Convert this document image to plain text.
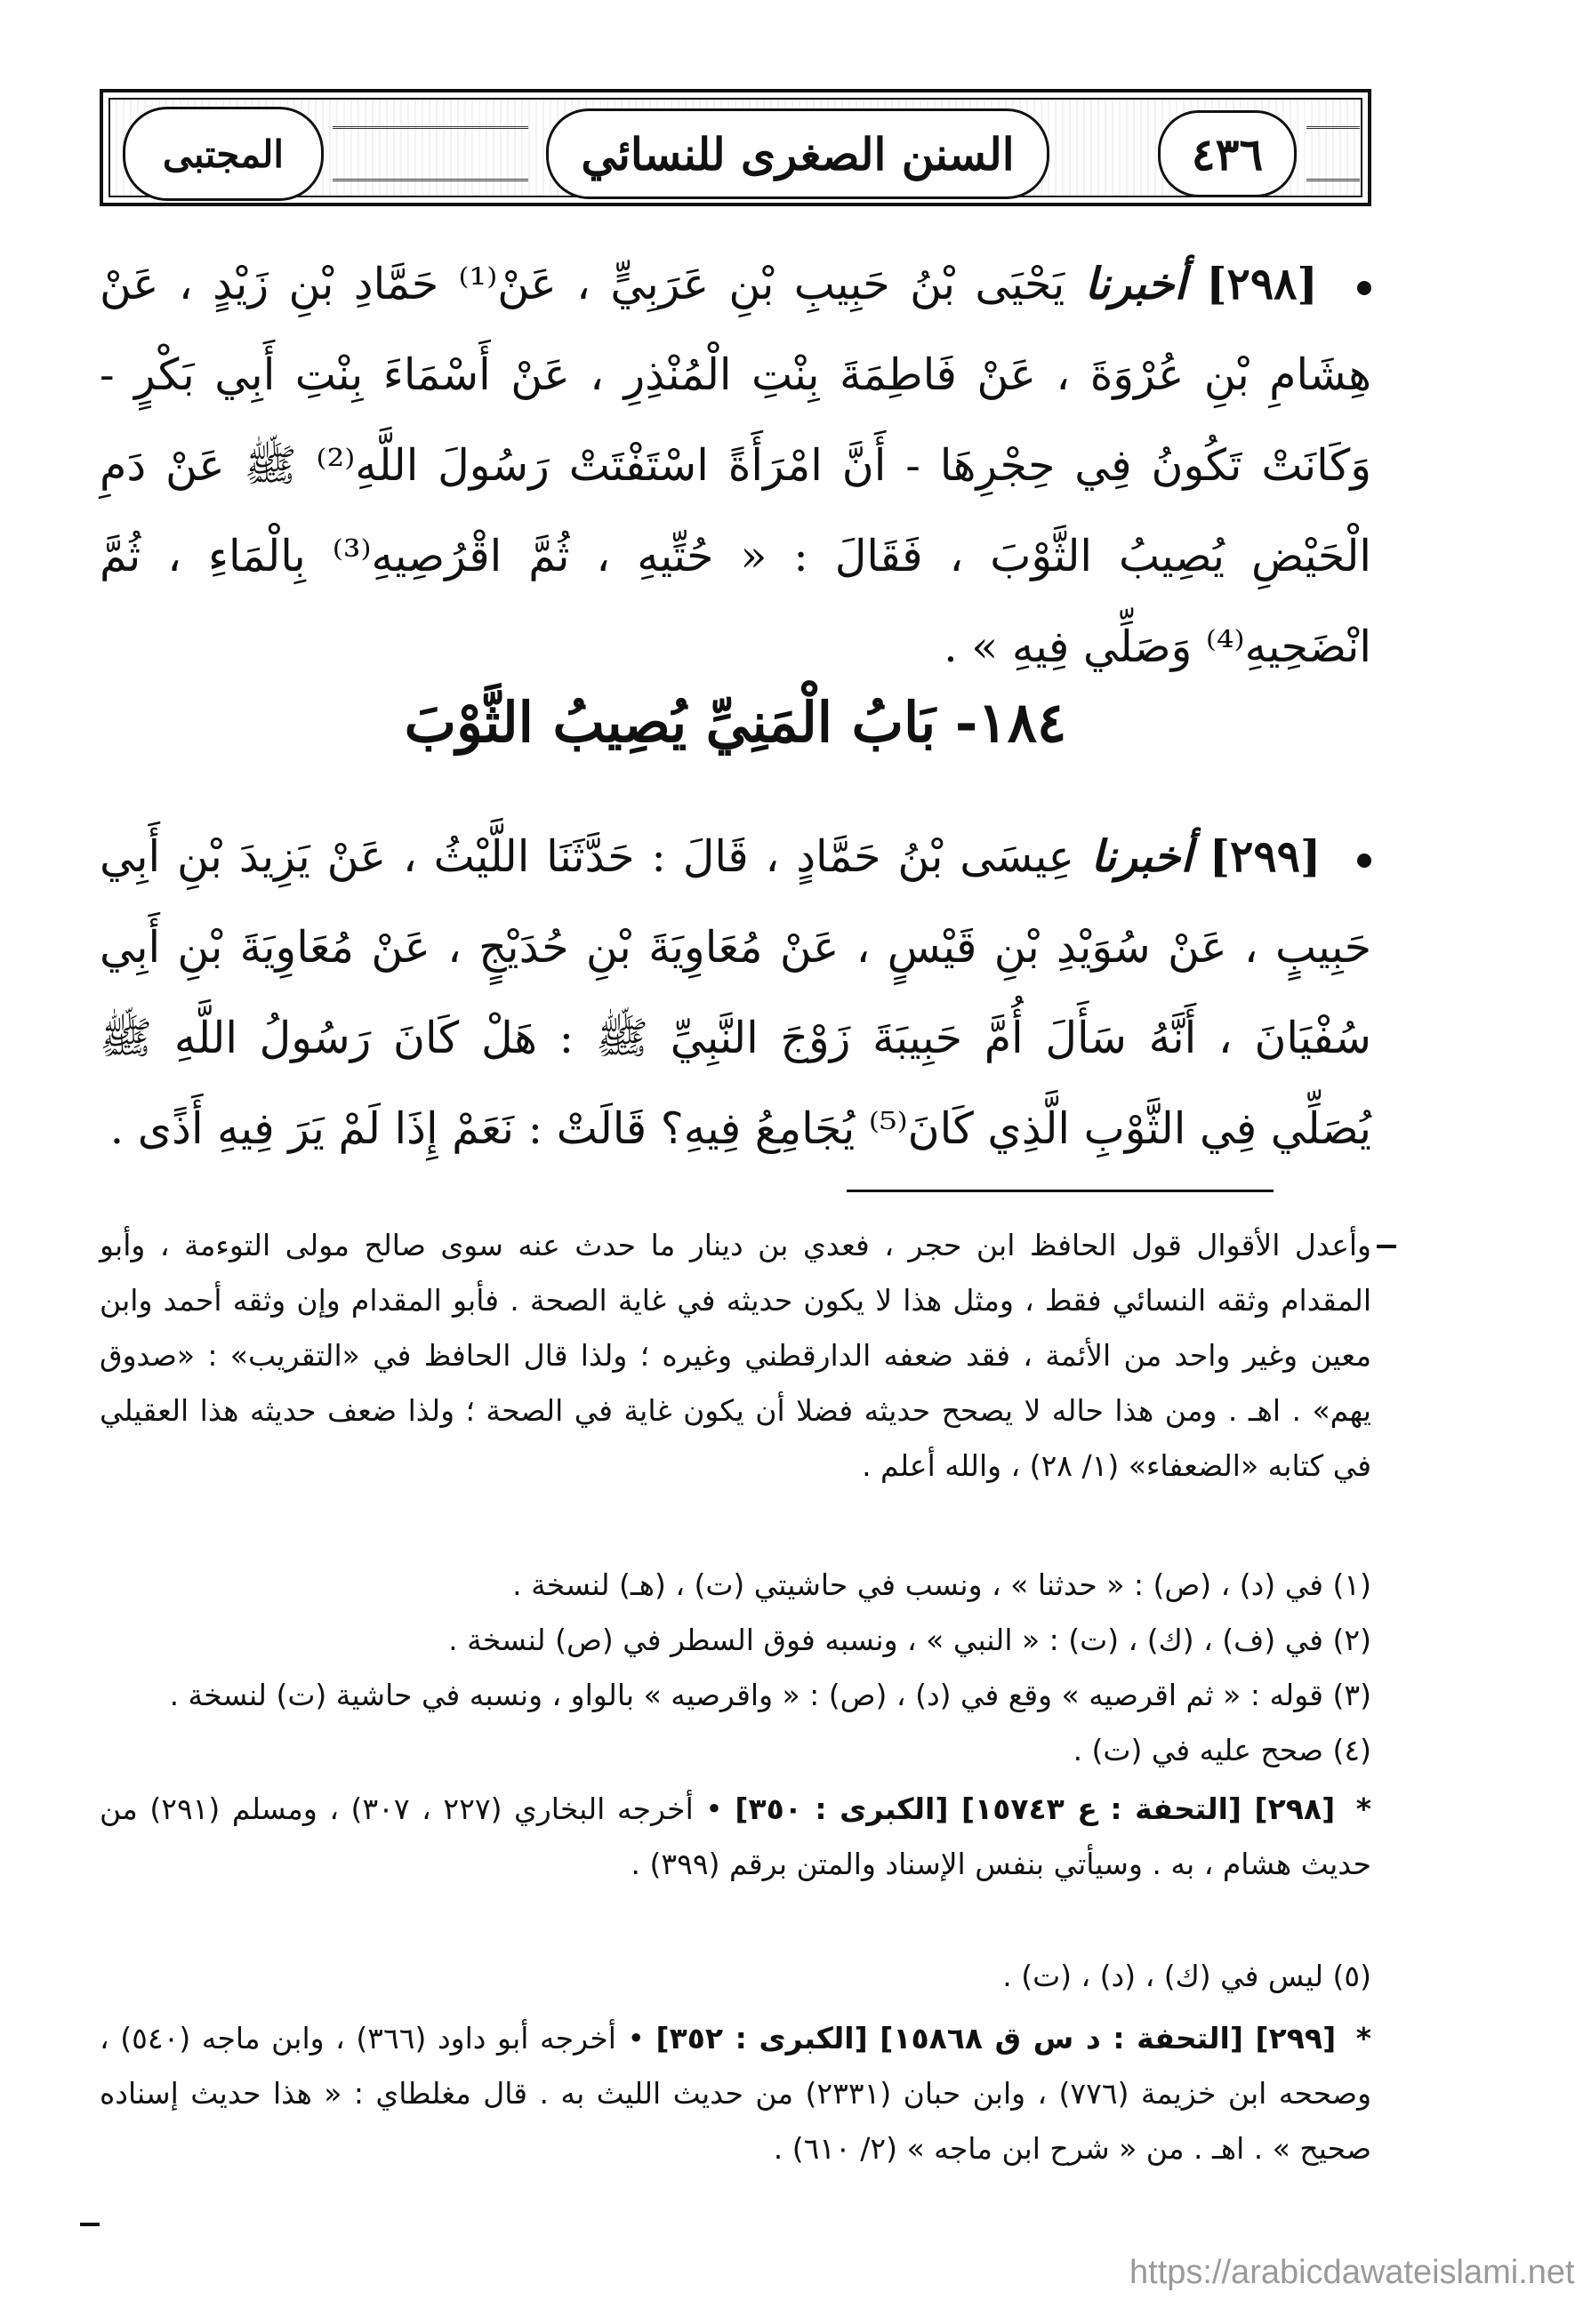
٤٣٦
السنن الصغرى للنسائي
المجتبى

[٢٩٨] أخبرنا يَحْيَى بْنُ حَبِيبِ بْنِ عَرَبِيٍّ ، عَنْ⁽¹⁾ حَمَّادِ بْنِ زَيْدٍ ، عَنْ هِشَامِ بْنِ عُرْوَةَ ، عَنْ فَاطِمَةَ بِنْتِ الْمُنْذِرِ ، عَنْ أَسْمَاءَ بِنْتِ أَبِي بَكْرٍ - وَكَانَتْ تَكُونُ فِي حِجْرِهَا - أَنَّ امْرَأَةً اسْتَفْتَتْ رَسُولَ اللَّهِ⁽²⁾ ﷺ عَنْ دَمِ الْحَيْضِ يُصِيبُ الثَّوْبَ ، فَقَالَ : « حُتِّيهِ ، ثُمَّ اقْرُصِيهِ⁽³⁾ بِالْمَاءِ ، ثُمَّ انْضَحِيهِ⁽⁴⁾ وَصَلِّي فِيهِ » .

١٨٤- بَابُ الْمَنِيِّ يُصِيبُ الثَّوْبَ

[٢٩٩] أخبرنا عِيسَى بْنُ حَمَّادٍ ، قَالَ : حَدَّثَنَا اللَّيْثُ ، عَنْ يَزِيدَ بْنِ أَبِي حَبِيبٍ ، عَنْ سُوَيْدِ بْنِ قَيْسٍ ، عَنْ مُعَاوِيَةَ بْنِ حُدَيْجٍ ، عَنْ مُعَاوِيَةَ بْنِ أَبِي سُفْيَانَ ، أَنَّهُ سَأَلَ أُمَّ حَبِيبَةَ زَوْجَ النَّبِيِّ ﷺ : هَلْ كَانَ رَسُولُ اللَّهِ ﷺ يُصَلِّي فِي الثَّوْبِ الَّذِي كَانَ⁽⁵⁾ يُجَامِعُ فِيهِ؟ قَالَتْ : نَعَمْ إِذَا لَمْ يَرَ فِيهِ أَذًى .

وأعدل الأقوال قول الحافظ ابن حجر ، فعدي بن دينار ما حدث عنه سوى صالح مولى التوءمة ، وأبو المقدام وثقه النسائي فقط ، ومثل هذا لا يكون حديثه في غاية الصحة . فأبو المقدام وإن وثقه أحمد وابن معين وغير واحد من الأئمة ، فقد ضعفه الدارقطني وغيره ؛ ولذا قال الحافظ في «التقريب» : «صدوق يهم» . اهـ . ومن هذا حاله لا يصحح حديثه فضلا أن يكون غاية في الصحة ؛ ولذا ضعف حديثه هذا العقيلي في كتابه «الضعفاء» (١/ ٢٨) ، والله أعلم .

(١) في (د) ، (ص) : « حدثنا » ، ونسب في حاشيتي (ت) ، (هـ) لنسخة .

(٢) في (ف) ، (ك) ، (ت) : « النبي » ، ونسبه فوق السطر في (ص) لنسخة .

(٣) قوله : « ثم اقرصيه » وقع في (د) ، (ص) : « واقرصيه » بالواو ، ونسبه في حاشية (ت) لنسخة .

(٤) صحح عليه في (ت) .

* [٢٩٨] [التحفة : ع ١٥٧٤٣] [الكبرى : ٣٥٠] • أخرجه البخاري (٢٢٧ ، ٣٠٧) ، ومسلم (٢٩١) من حديث هشام ، به . وسيأتي بنفس الإسناد والمتن برقم (٣٩٩) .

(٥) ليس في (ك) ، (د) ، (ت) .

* [٢٩٩] [التحفة : د س ق ١٥٨٦٨] [الكبرى : ٣٥٢] • أخرجه أبو داود (٣٦٦) ، وابن ماجه (٥٤٠) ، وصححه ابن خزيمة (٧٧٦) ، وابن حبان (٢٣٣١) من حديث الليث به . قال مغلطاي : « هذا حديث إسناده صحيح » . اهـ . من « شرح ابن ماجه » (٢/ ٦١٠) .

https://arabicdawateislami.net
